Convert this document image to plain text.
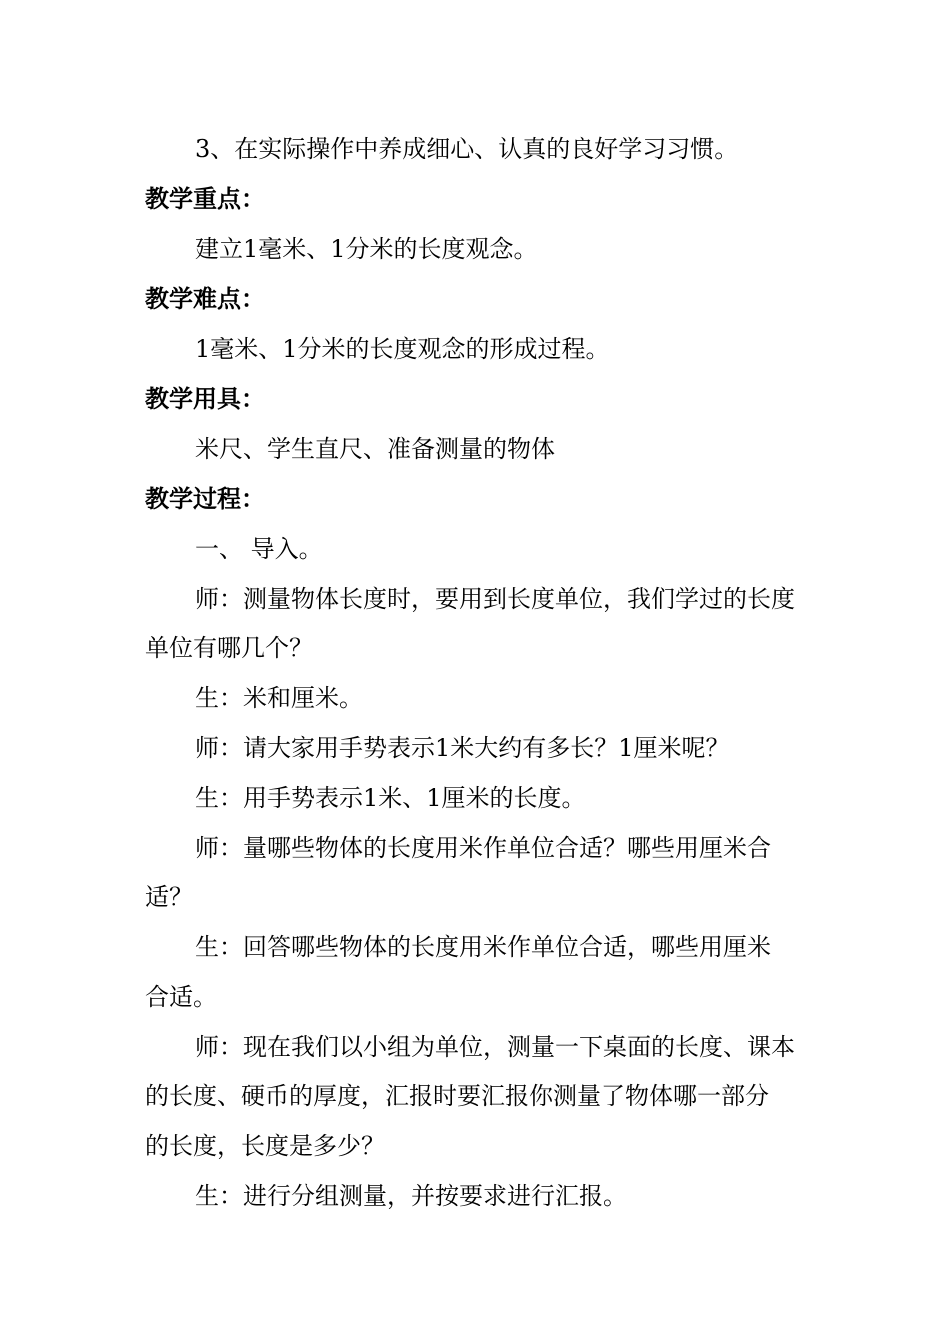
3、在实际操作中养成细心、认真的良好学习习惯。
教学重点：
建立1毫米、1分米的长度观念。
教学难点：
1毫米、1分米的长度观念的形成过程。
教学用具：
米尺、学生直尺、准备测量的物体
教学过程：
一、 导入。
师：测量物体长度时，要用到长度单位，我们学过的长度
单位有哪几个？
生：米和厘米。
师：请大家用手势表示1米大约有多长？1厘米呢？
生：用手势表示1米、1厘米的长度。
师：量哪些物体的长度用米作单位合适？哪些用厘米合
适？
生：回答哪些物体的长度用米作单位合适，哪些用厘米
合适。
师：现在我们以小组为单位，测量一下桌面的长度、课本
的长度、硬币的厚度，汇报时要汇报你测量了物体哪一部分
的长度，长度是多少？
生：进行分组测量，并按要求进行汇报。
